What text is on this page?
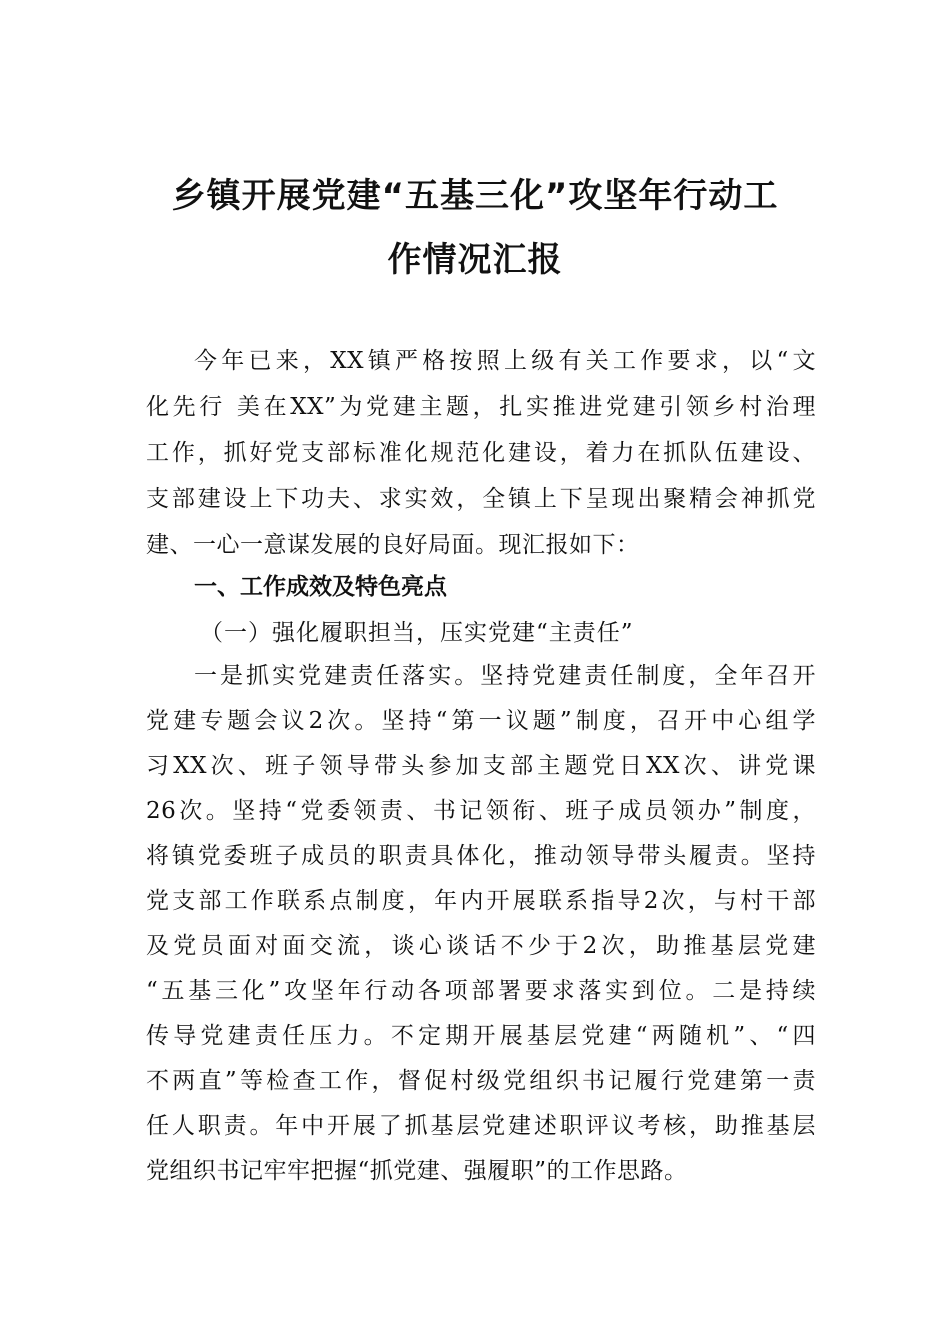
乡镇开展党建“五基三化”攻坚年行动工
作情况汇报
今年已来，XX镇严格按照上级有关工作要求，以“文
化先行 美在XX”为党建主题，扎实推进党建引领乡村治理
工作，抓好党支部标准化规范化建设，着力在抓队伍建设、
支部建设上下功夫、求实效，全镇上下呈现出聚精会神抓党
建、一心一意谋发展的良好局面。现汇报如下：
一、工作成效及特色亮点
（一）强化履职担当，压实党建“主责任”
一是抓实党建责任落实。坚持党建责任制度，全年召开
党建专题会议2次。坚持“第一议题”制度，召开中心组学
习XX次、班子领导带头参加支部主题党日XX次、讲党课
26次。坚持“党委领责、书记领衔、班子成员领办”制度，
将镇党委班子成员的职责具体化，推动领导带头履责。坚持
党支部工作联系点制度，年内开展联系指导2次，与村干部
及党员面对面交流，谈心谈话不少于2次，助推基层党建
“五基三化”攻坚年行动各项部署要求落实到位。二是持续
传导党建责任压力。不定期开展基层党建“两随机”、“四
不两直”等检查工作，督促村级党组织书记履行党建第一责
任人职责。年中开展了抓基层党建述职评议考核，助推基层
党组织书记牢牢把握“抓党建、强履职”的工作思路。
